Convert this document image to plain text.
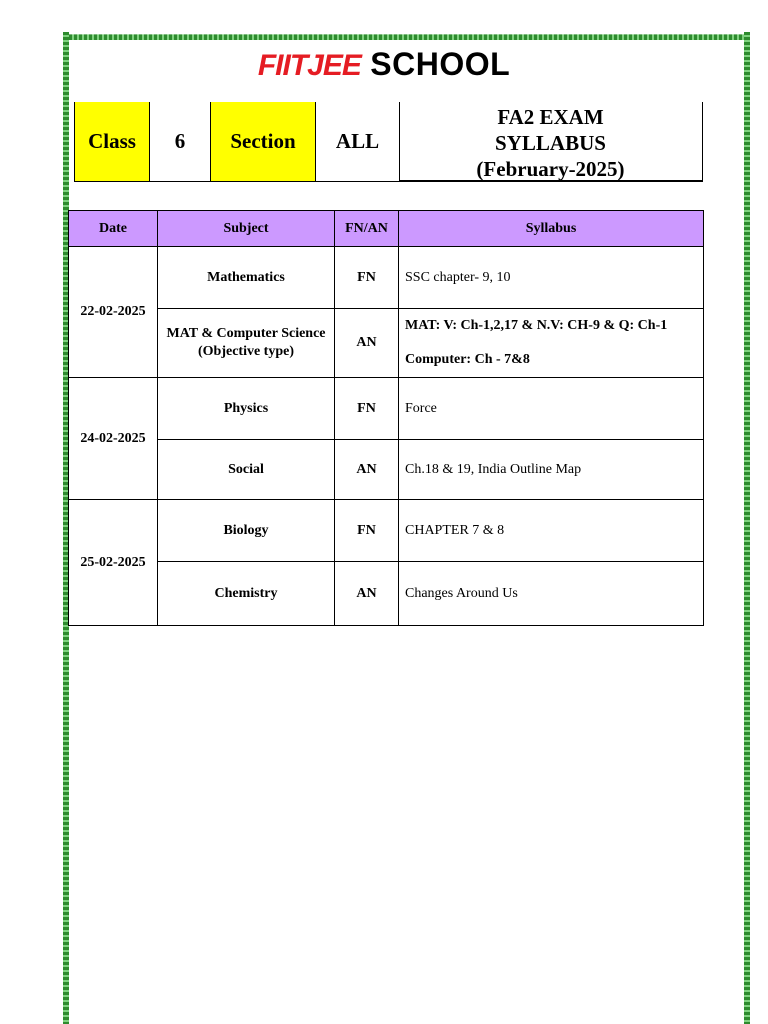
FIITJEE SCHOOL
Class	6	Section	ALL
FA2 EXAM
SYLLABUS
(February-2025)
Date	Subject	FN/AN	Syllabus
22-02-2025	Mathematics	FN	SSC chapter- 9, 10
	MAT & Computer Science (Objective type)	AN	MAT: V: Ch-1,2,17 & N.V: CH-9 & Q: Ch-1
Computer: Ch - 7&8

24-02-2025	Physics	FN	Force
	Social	AN	Ch.18 & 19, India Outline Map
25-02-2025	Biology	FN	CHAPTER 7 & 8
	Chemistry	AN	Changes Around Us
